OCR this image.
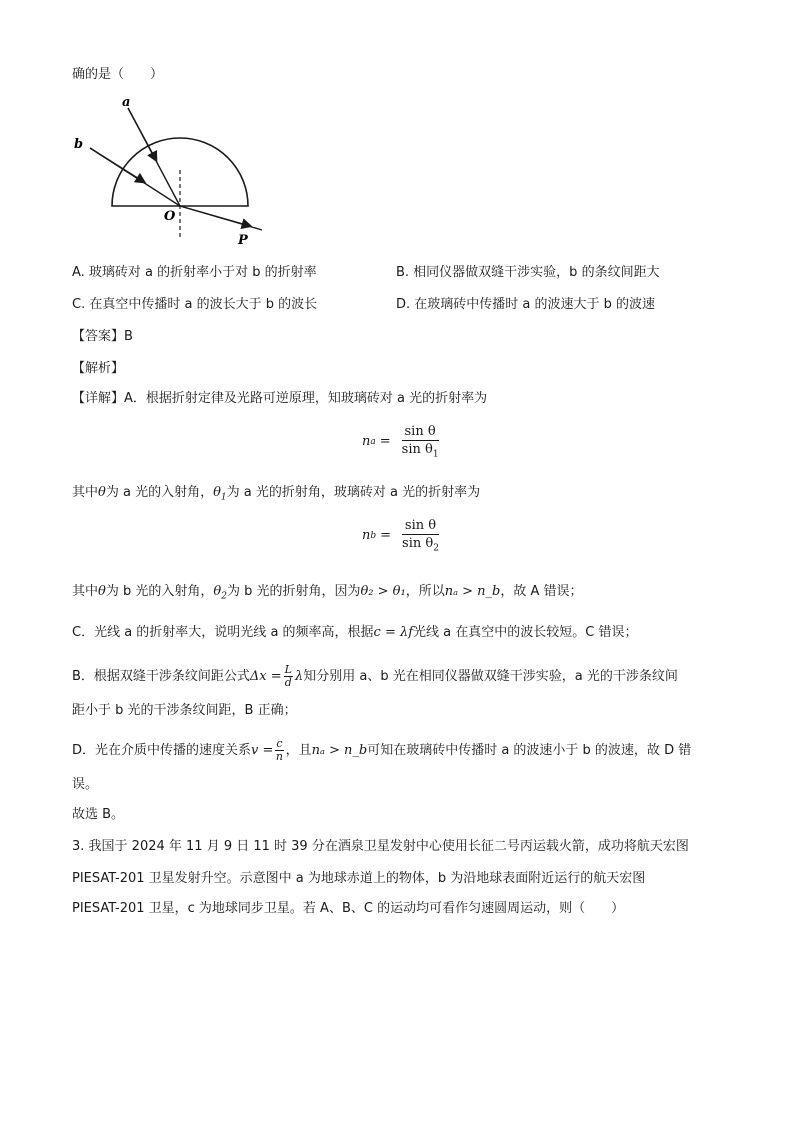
确的是（　　）
a
b
O
P
A. 玻璃砖对 a 的折射率小于对 b 的折射率	B. 相同仪器做双缝干涉实验，b 的条纹间距大
C. 在真空中传播时 a 的波长大于 b 的波长	D. 在玻璃砖中传播时 a 的波速大于 b 的波速
【答案】B
【解析】
【详解】A．根据折射定律及光路可逆原理，知玻璃砖对 a 光的折射率为
n $a = \frac{\text{sin θ}}{\sin \theta_1}$
其中θ为 a 光的入射角，$\theta_1$为 a 光的折射角，玻璃砖对 a 光的折射率为
n $b = \frac{\text{sin θ}}{\sin \theta_2}$
其中θ为 b 光的入射角，$\theta_2$为 b 光的折射角，因为θ₂ > θ₁，所以nₐ > n_b，故 A 错误；
C．光线 a 的折射率大，说明光线 a 的频率高，根据c = λf光线 a 在真空中的波长较短。C 错误；
B．根据双缝干涉条纹间距公式$\Delta x = \frac{L}{d}$ λ知分别用 a、b 光在相同仪器做双缝干涉实验，a 光的干涉条纹间
距小于 b 光的干涉条纹间距，B 正确；
D．光在介质中传播的速度关系$v = \frac{c}{n}$ ，且nₐ > n_b可知在玻璃砖中传播时 a 的波速小于 b 的波速，故 D 错
误。
故选 B。
3. 我国于 2024 年 11 月 9 日 11 时 39 分在酒泉卫星发射中心使用长征二号丙运载火箭，成功将航天宏图
PIESAT-201 卫星发射升空。示意图中 a 为地球赤道上的物体，b 为沿地球表面附近运行的航天宏图
PIESAT-201 卫星，c 为地球同步卫星。若 A、B、C 的运动均可看作匀速圆周运动，则（　　）
